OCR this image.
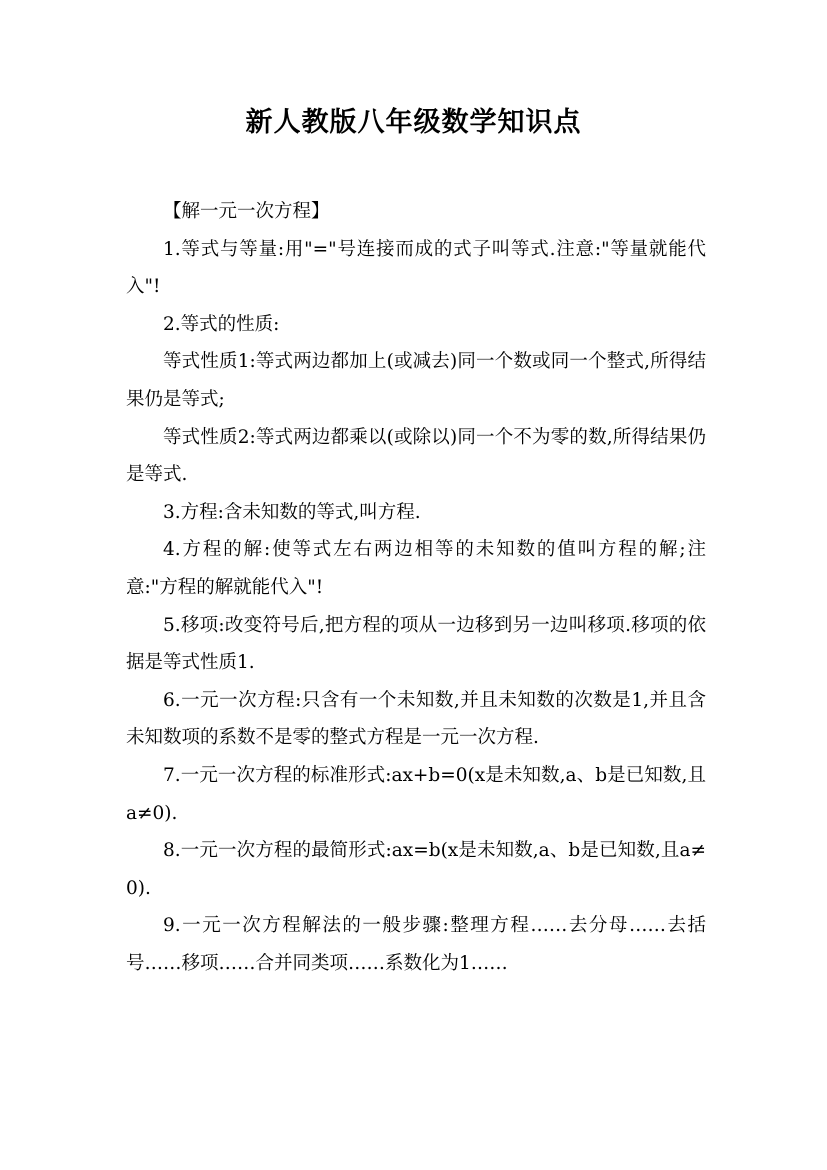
新人教版八年级数学知识点

【解一元一次方程】

1.等式与等量:用"="号连接而成的式子叫等式.注意:"等量就能代入"!

2.等式的性质:

等式性质1:等式两边都加上(或减去)同一个数或同一个整式,所得结果仍是等式;

等式性质2:等式两边都乘以(或除以)同一个不为零的数,所得结果仍是等式.

3.方程:含未知数的等式,叫方程.

4.方程的解:使等式左右两边相等的未知数的值叫方程的解;注意:"方程的解就能代入"!

5.移项:改变符号后,把方程的项从一边移到另一边叫移项.移项的依据是等式性质1.

6.一元一次方程:只含有一个未知数,并且未知数的次数是1,并且含未知数项的系数不是零的整式方程是一元一次方程.

7.一元一次方程的标准形式:ax+b=0(x是未知数,a、b是已知数,且a≠0).

8.一元一次方程的最简形式:ax=b(x是未知数,a、b是已知数,且a≠0).

9.一元一次方程解法的一般步骤:整理方程……去分母……去括号……移项……合并同类项……系数化为1……
